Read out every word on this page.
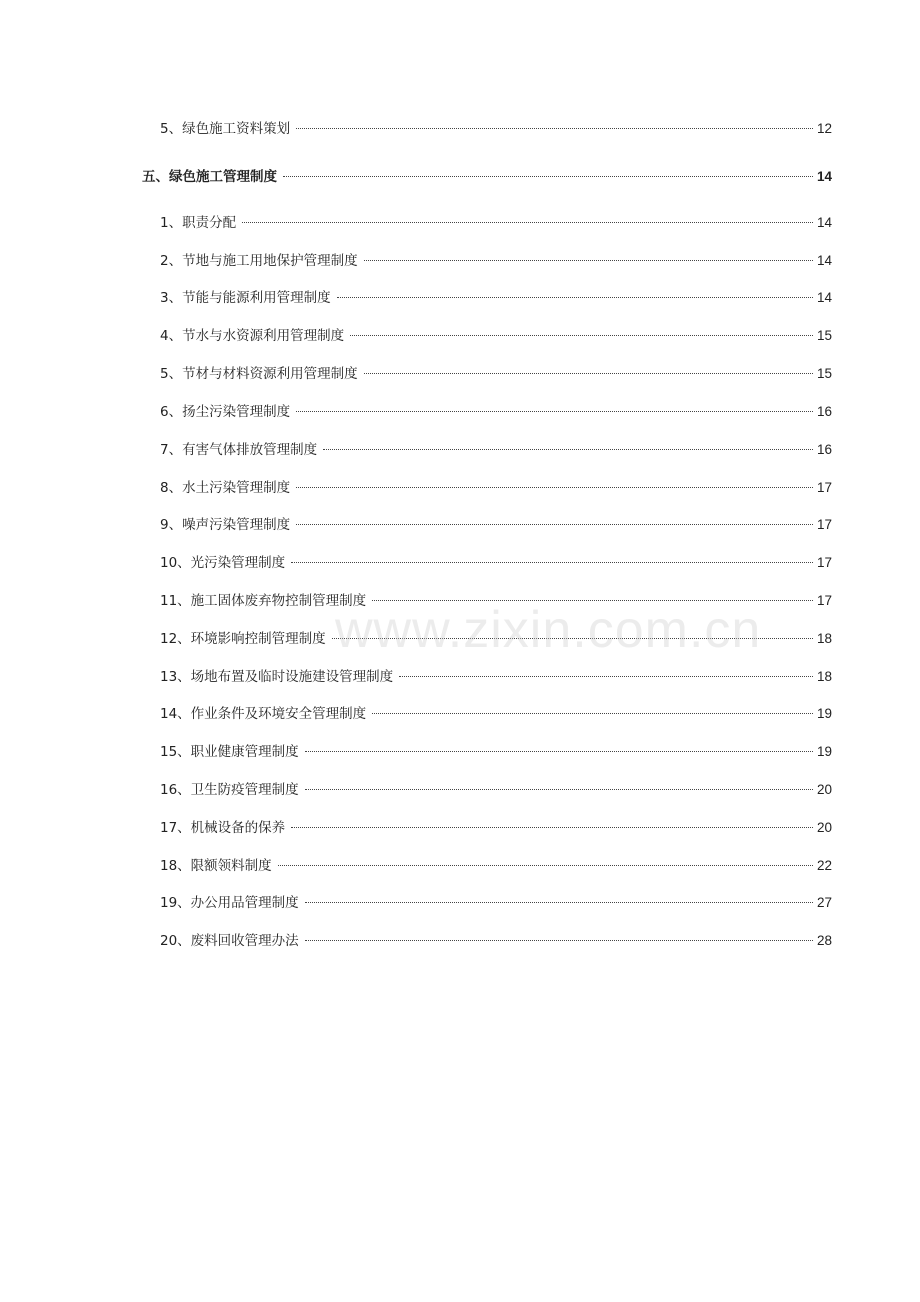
5、绿色施工资料策划	12
五、绿色施工管理制度	14
1、职责分配	14
2、节地与施工用地保护管理制度	14
3、节能与能源利用管理制度	14
4、节水与水资源利用管理制度	15
5、节材与材料资源利用管理制度	15
6、扬尘污染管理制度	16
7、有害气体排放管理制度	16
8、水土污染管理制度	17
9、噪声污染管理制度	17
10、光污染管理制度	17
11、施工固体废弃物控制管理制度	17
12、环境影响控制管理制度	18
13、场地布置及临时设施建设管理制度	18
14、作业条件及环境安全管理制度	19
15、职业健康管理制度	19
16、卫生防疫管理制度	20
17、机械设备的保养	20
18、限额领料制度	22
19、办公用品管理制度	27
20、废料回收管理办法	28
www.zixin.com.cn
